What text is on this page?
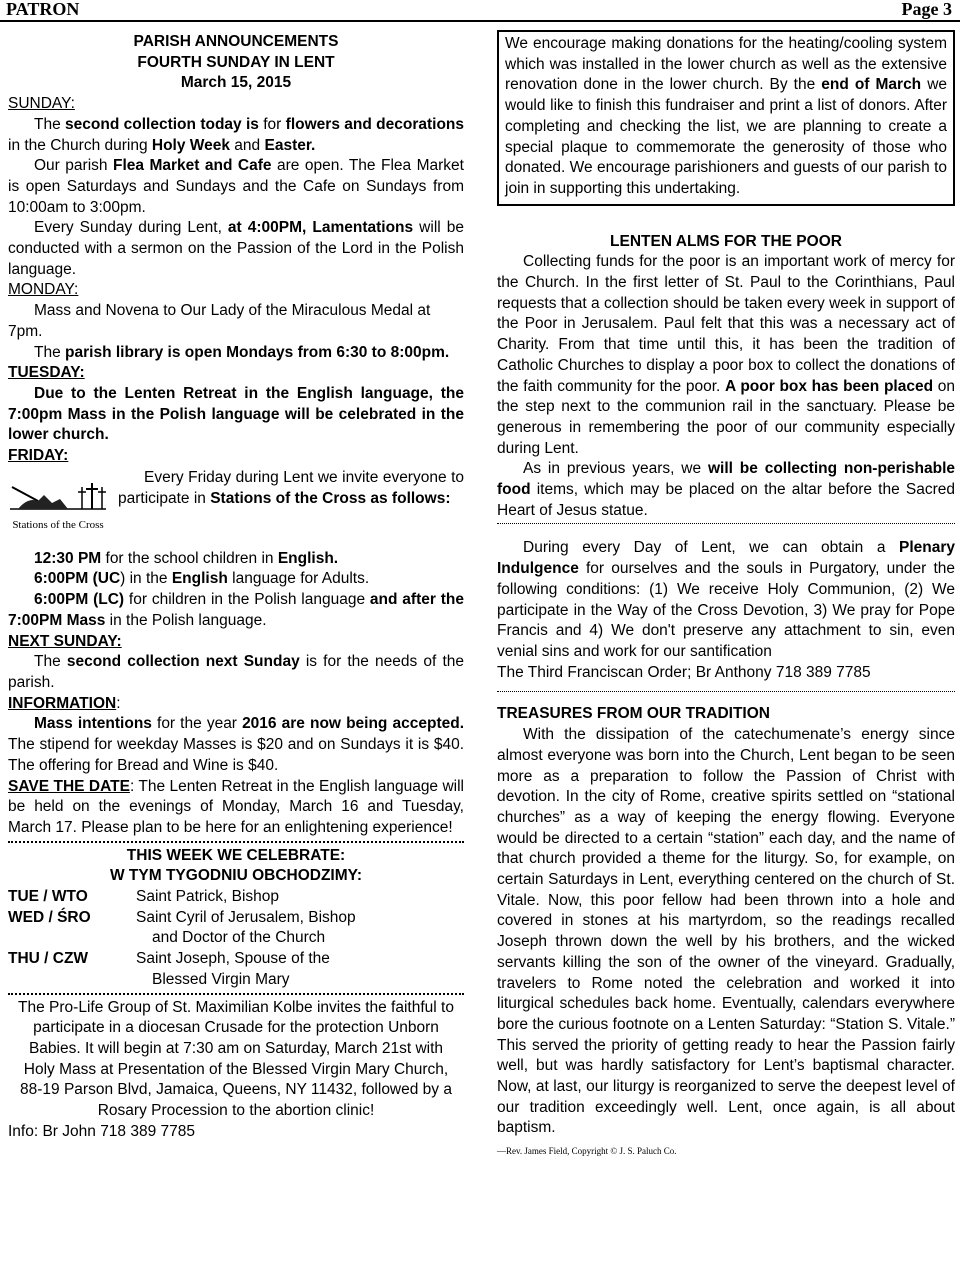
PATRON	Page 3
PARISH ANNOUNCEMENTS
FOURTH SUNDAY IN LENT
March 15, 2015
SUNDAY:

The second collection today is for flowers and decorations in the Church during Holy Week and Easter.

Our parish Flea Market and Cafe are open. The Flea Market is open Saturdays and Sundays and the Cafe on Sundays from 10:00am to 3:00pm.

Every Sunday during Lent, at 4:00PM, Lamentations will be conducted with a sermon on the Passion of the Lord in the Polish language.

MONDAY:

Mass and Novena to Our Lady of the Miraculous Medal at 7pm.

The parish library is open Mondays from 6:30 to 8:00pm.

TUESDAY:

Due to the Lenten Retreat in the English language, the 7:00pm Mass in the Polish language will be celebrated in the lower church.

FRIDAY:
Stations of the Cross
Every Friday during Lent we invite everyone to participate in Stations of the Cross as follows:

12:30 PM for the school children in English.

6:00PM (UC) in the English language for Adults.

6:00PM (LC) for children in the Polish language and after the 7:00PM Mass in the Polish language.

NEXT SUNDAY:

The second collection next Sunday is for the needs of the parish.

INFORMATION:

Mass intentions for the year 2016 are now being accepted. The stipend for weekday Masses is $20 and on Sundays it is $40. The offering for Bread and Wine is $40.

SAVE THE DATE: The Lenten Retreat in the English language will be held on the evenings of Monday, March 16 and Tuesday, March 17. Please plan to be here for an enlightening experience!

THIS WEEK WE CELEBRATE:
W TYM TYGODNIU OBCHODZIMY:
TUE / WTO	Saint Patrick, Bishop
WED / ŚRO	Saint Cyril of Jerusalem, Bishop
and Doctor of the Church
THU / CZW	Saint Joseph, Spouse of the
Blessed Virgin Mary

The Pro-Life Group of St. Maximilian Kolbe invites the faithful to participate in a diocesan Crusade for the protection Unborn Babies. It will begin at 7:30 am on Saturday, March 21st with Holy Mass at Presentation of the Blessed Virgin Mary Church, 88-19 Parson Blvd, Jamaica, Queens, NY 11432, followed by a Rosary Procession to the abortion clinic!

Info: Br John 718 389 7785
We encourage making donations for the heating/cooling system which was installed in the lower church as well as the extensive renovation done in the lower church. By the end of March we would like to finish this fundraiser and print a list of donors. After completing and checking the list, we are planning to create a special plaque to commemorate the generosity of those who donated. We encourage parishioners and guests of our parish to join in supporting this undertaking.
LENTEN ALMS FOR THE POOR

Collecting funds for the poor is an important work of mercy for the Church. In the first letter of St. Paul to the Corinthians, Paul requests that a collection should be taken every week in support of the Poor in Jerusalem. Paul felt that this was a necessary act of Charity. From that time until this, it has been the tradition of Catholic Churches to display a poor box to collect the donations of the faith community for the poor. A poor box has been placed on the step next to the communion rail in the sanctuary. Please be generous in remembering the poor of our community especially during Lent.

As in previous years, we will be collecting non-perishable food items, which may be placed on the altar before the Sacred Heart of Jesus statue.

During every Day of Lent, we can obtain a Plenary Indulgence for ourselves and the souls in Purgatory, under the following conditions: (1) We receive Holy Communion, (2) We participate in the Way of the Cross Devotion, 3) We pray for Pope Francis and 4) We don't preserve any attachment to sin, even venial sins and work for our santification

The Third Franciscan Order; Br Anthony 718 389 7785
TREASURES FROM OUR TRADITION

With the dissipation of the catechumenate’s energy since almost everyone was born into the Church, Lent began to be seen more as a preparation to follow the Passion of Christ with devotion. In the city of Rome, creative spirits settled on “stational churches” as a way of keeping the energy flowing. Everyone would be directed to a certain “station” each day, and the name of that church provided a theme for the liturgy. So, for example, on certain Saturdays in Lent, everything centered on the church of St. Vitale. Now, this poor fellow had been thrown into a hole and covered in stones at his martyrdom, so the readings recalled Joseph thrown down the well by his brothers, and the wicked servants killing the son of the owner of the vineyard. Gradually, travelers to Rome noted the celebration and worked it into liturgical schedules back home. Eventually, calendars everywhere bore the curious footnote on a Lenten Saturday: “Station S. Vitale.” This served the priority of getting ready to hear the Passion fairly well, but was hardly satisfactory for Lent’s baptismal character. Now, at last, our liturgy is reorganized to serve the deepest level of our tradition exceedingly well. Lent, once again, is all about baptism.

—Rev. James Field, Copyright © J. S. Paluch Co.
